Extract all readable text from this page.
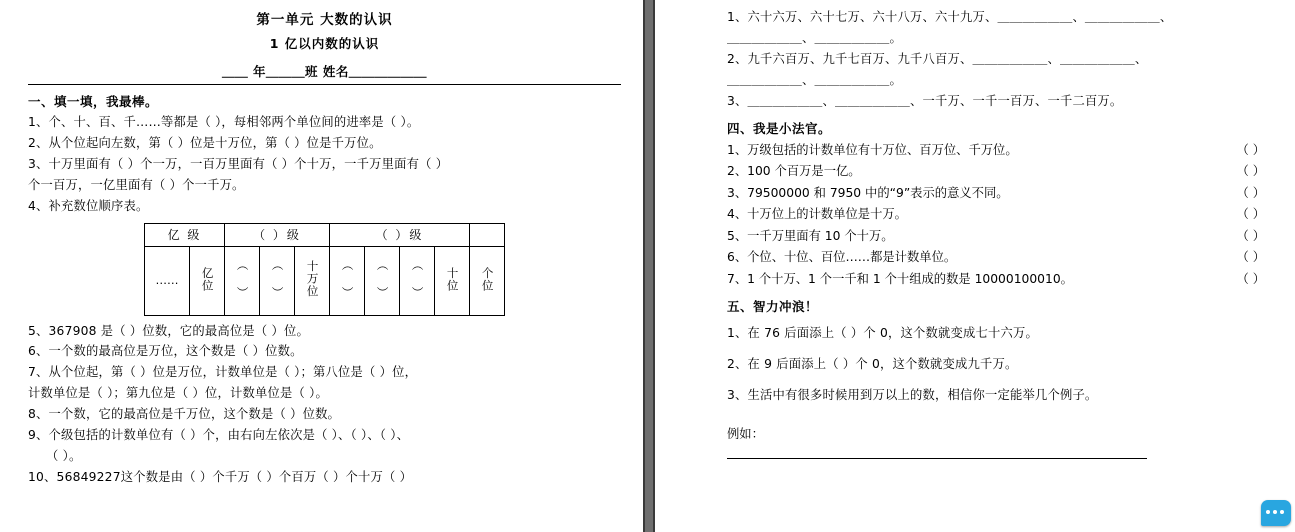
第一单元 大数的认识
1 亿以内数的认识
＿＿ 年＿＿＿班 姓名＿＿＿＿＿＿
一、填一填，我最棒。
1、个、十、百、千……等都是（ ），每相邻两个单位间的进率是（ ）。
2、从个位起向左数，第（ ）位是十万位，第（ ）位是千万位。
3、十万里面有（ ）个一万，一百万里面有（ ）个十万，一千万里面有（ ）
个一百万，一亿里面有（ ）个一千万。
4、补充数位顺序表。
亿 级		（ ）级			（ ）级				
……	亿位	（ ）	（ ）	十万位	（ ）	（ ）	（ ）	十位	个位
5、367908 是（ ）位数，它的最高位是（ ）位。
6、一个数的最高位是万位，这个数是（ ）位数。
7、从个位起，第（ ）位是万位，计数单位是（ ）；第八位是（ ）位，
计数单位是（ ）；第九位是（ ）位，计数单位是（ ）。
8、一个数，它的最高位是千万位，这个数是（ ）位数。
9、个级包括的计数单位有（ ）个，由右向左依次是（ ）、（ ）、（ ）、
（ ）。
10、56849227这个数是由（ ）个千万（ ）个百万（ ）个十万（ ）
1、六十六万、六十七万、六十八万、六十九万、＿＿＿＿＿＿、＿＿＿＿＿＿、
＿＿＿＿＿＿、＿＿＿＿＿＿。
2、九千六百万、九千七百万、九千八百万、＿＿＿＿＿＿、＿＿＿＿＿＿、
＿＿＿＿＿＿、＿＿＿＿＿＿。
3、＿＿＿＿＿＿、＿＿＿＿＿＿、一千万、一千一百万、一千二百万。
四、我是小法官。
1、万级包括的计数单位有十万位、百万位、千万位。	（ ）
2、100 个百万是一亿。	（ ）
3、79500000 和 7950 中的“9”表示的意义不同。	（ ）
4、十万位上的计数单位是十万。	（ ）
5、一千万里面有 10 个十万。	（ ）
6、个位、十位、百位……都是计数单位。	（ ）
7、1 个十万、1 个一千和 1 个十组成的数是 10000100010。	（ ）
五、智力冲浪！
1、在 76 后面添上（ ）个 0，这个数就变成七十六万。
2、在 9 后面添上（ ）个 0，这个数就变成九千万。
3、生活中有很多时候用到万以上的数，相信你一定能举几个例子。
例如：
